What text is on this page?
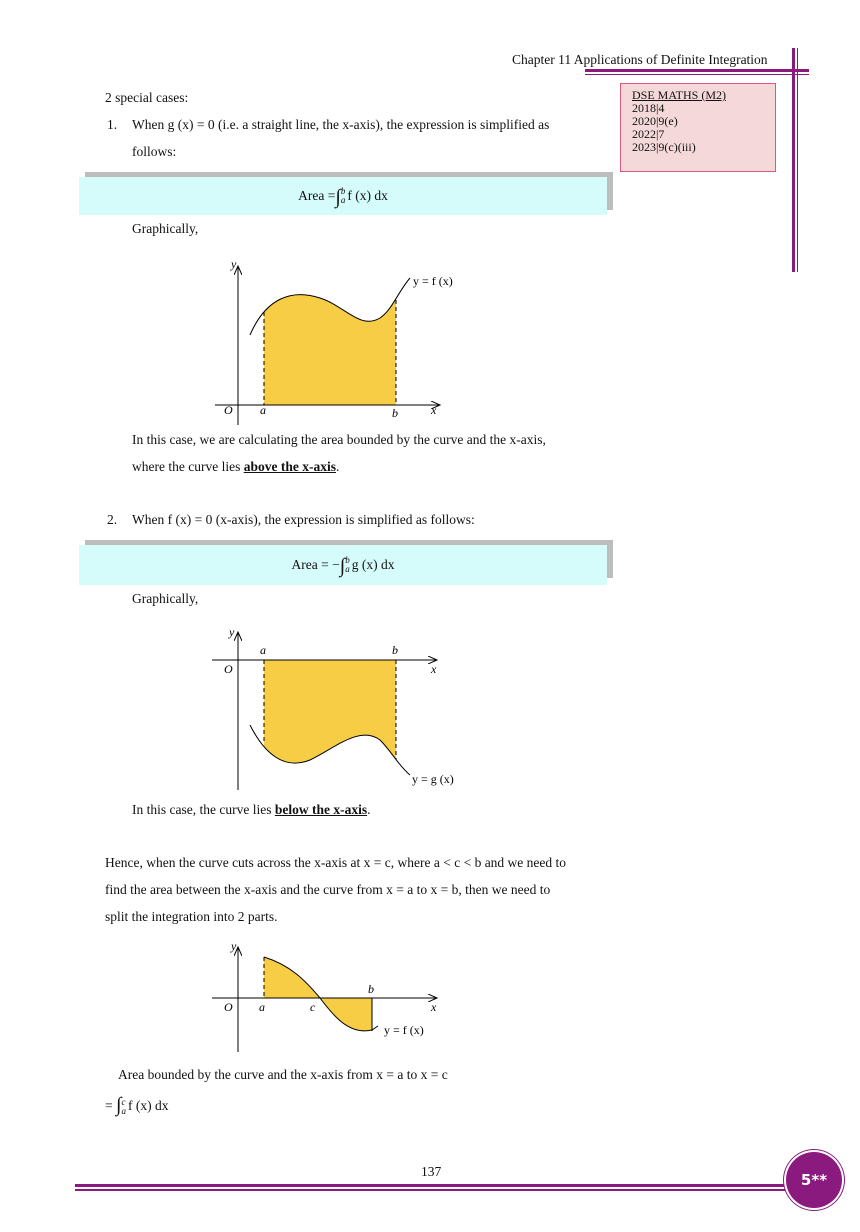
Chapter 11 Applications of Definite Integration
DSE MATHS (M2)
2018|4
2020|9(e)
2022|7
2023|9(c)(iii)
2 special cases:
1. When g (x) = 0 (i.e. a straight line, the x-axis), the expression is simplified as
follows:
Area = ∫ b
a f (x) dx
Graphically,
y
O a	b	x
y = f (x)
y
O
a	b
x
y = g (x)
y
O a	c
b
x
y = f (x)
In this case, we are calculating the area bounded by the curve and the x-axis,
where the curve lies above the x-axis.
2. When f (x) = 0 (x-axis), the expression is simplified as follows:
Area = − ∫ b
a g (x) dx
Graphically,
In this case, the curve lies below the x-axis.
Hence, when the curve cuts across the x-axis at x = c, where a < c < b and we need to
find the area between the x-axis and the curve from x = a to x = b, then we need to
split the integration into 2 parts.
Area bounded by the curve and the x-axis from x = a to x = c
= ∫ c
a f (x) dx
137	5**
